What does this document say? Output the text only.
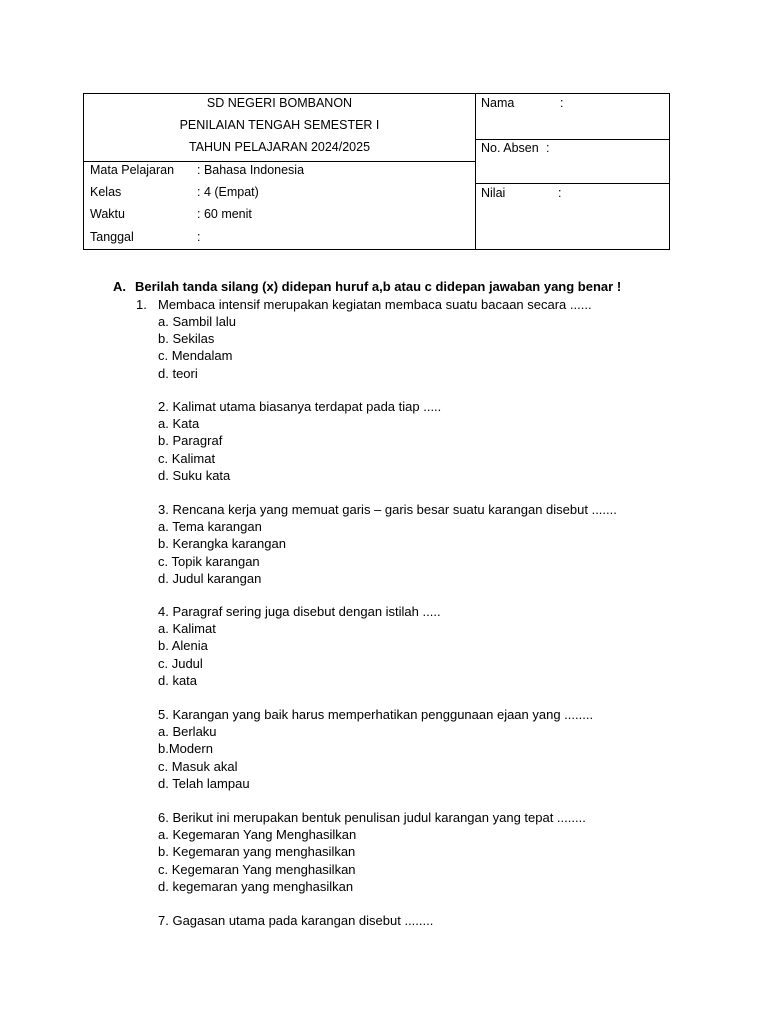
SD NEGERI BOMBANON
PENILAIAN TENGAH SEMESTER I
TAHUN PELAJARAN 2024/2025
Mata Pelajaran : Bahasa Indonesia
Kelas	: 4 (Empat)
Waktu	: 60 menit
Tanggal	:
Nama	:
No. Absen :
Nilai	:
A. Berilah tanda silang (x) didepan huruf a,b atau c didepan jawaban yang benar !
1. Membaca intensif merupakan kegiatan membaca suatu bacaan secara ......
a. Sambil lalu
b. Sekilas
c. Mendalam
d. teori
2. Kalimat utama biasanya terdapat pada tiap .....
a. Kata
b. Paragraf
c. Kalimat
d. Suku kata
3. Rencana kerja yang memuat garis – garis besar suatu karangan disebut .......
a. Tema karangan
b. Kerangka karangan
c. Topik karangan
d. Judul karangan
4. Paragraf sering juga disebut dengan istilah .....
a. Kalimat
b. Alenia
c. Judul
d. kata
5. Karangan yang baik harus memperhatikan penggunaan ejaan yang ........
a. Berlaku
b.Modern
c. Masuk akal
d. Telah lampau
6. Berikut ini merupakan bentuk penulisan judul karangan yang tepat ........
a. Kegemaran Yang Menghasilkan
b. Kegemaran yang menghasilkan
c. Kegemaran Yang menghasilkan
d. kegemaran yang menghasilkan
7. Gagasan utama pada karangan disebut ........
